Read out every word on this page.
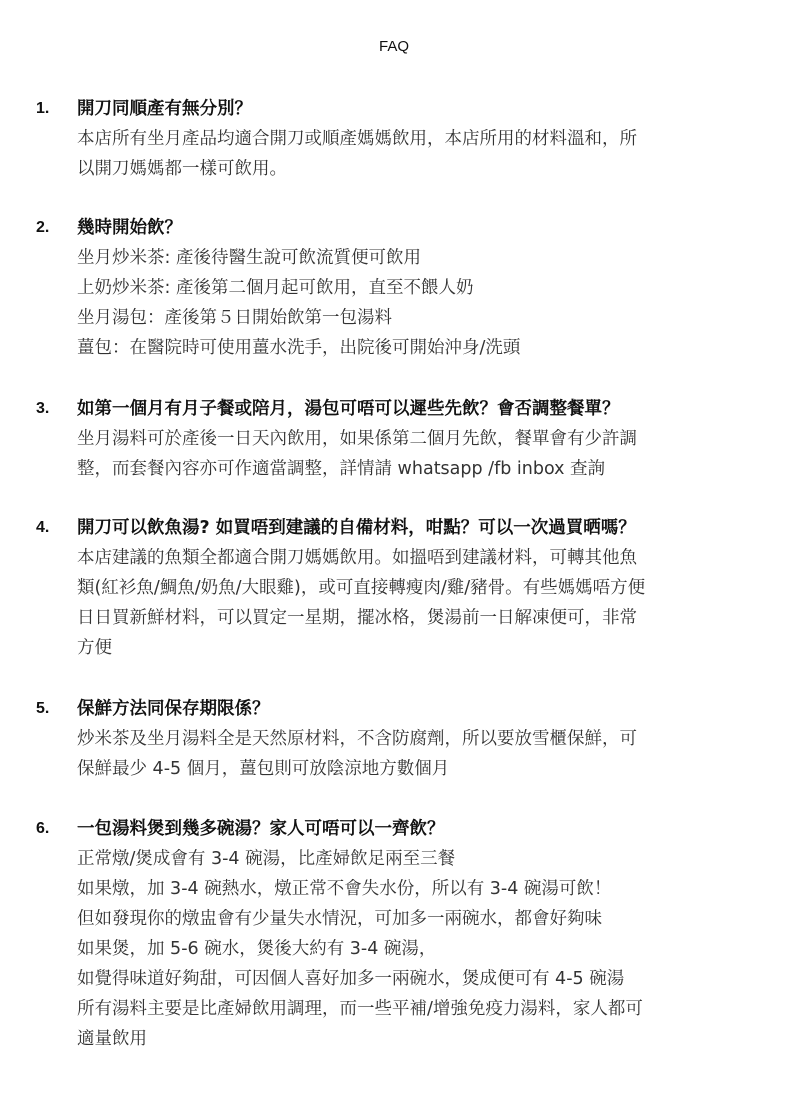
FAQ
1.	開刀同順產有無分別？
本店所有坐月產品均適合開刀或順產媽媽飲用，本店所用的材料溫和，所
以開刀媽媽都一樣可飲用。
2.	幾時開始飲？
坐月炒米茶: 產後待醫生說可飲流質便可飲用
上奶炒米茶: 產後第二個月起可飲用，直至不餵人奶
坐月湯包：產後第５日開始飲第一包湯料
薑包：在醫院時可使用薑水洗手，出院後可開始沖身/洗頭
3.	如第一個月有月子餐或陪月，湯包可唔可以遲些先飲？會否調整餐單？
坐月湯料可於產後一日天內飲用，如果係第二個月先飲，餐單會有少許調
整，而套餐內容亦可作適當調整，詳情請 whatsapp /fb inbox 查詢
4.	開刀可以飲魚湯? 如買唔到建議的自備材料，咁點？可以一次過買晒嗎？
本店建議的魚類全都適合開刀媽媽飲用。如搵唔到建議材料，可轉其他魚
類(紅衫魚/鯛魚/奶魚/大眼雞)，或可直接轉瘦肉/雞/豬骨。有些媽媽唔方便
日日買新鮮材料，可以買定一星期，擺冰格，煲湯前一日解凍便可，非常
方便
5.	保鮮方法同保存期限係？
炒米茶及坐月湯料全是天然原材料，不含防腐劑，所以要放雪櫃保鮮，可
保鮮最少 4-5 個月，薑包則可放陰涼地方數個月
6.	一包湯料煲到幾多碗湯？家人可唔可以一齊飲？
正常燉/煲成會有 3-4 碗湯，比產婦飲足兩至三餐
如果燉，加 3-4 碗熱水，燉正常不會失水份，所以有 3-4 碗湯可飲！
但如發現你的燉盅會有少量失水情況，可加多一兩碗水，都會好夠味
如果煲，加 5-6 碗水，煲後大約有 3-4 碗湯，
如覺得味道好夠甜，可因個人喜好加多一兩碗水，煲成便可有 4-5 碗湯
所有湯料主要是比產婦飲用調理，而一些平補/增強免疫力湯料，家人都可
適量飲用
